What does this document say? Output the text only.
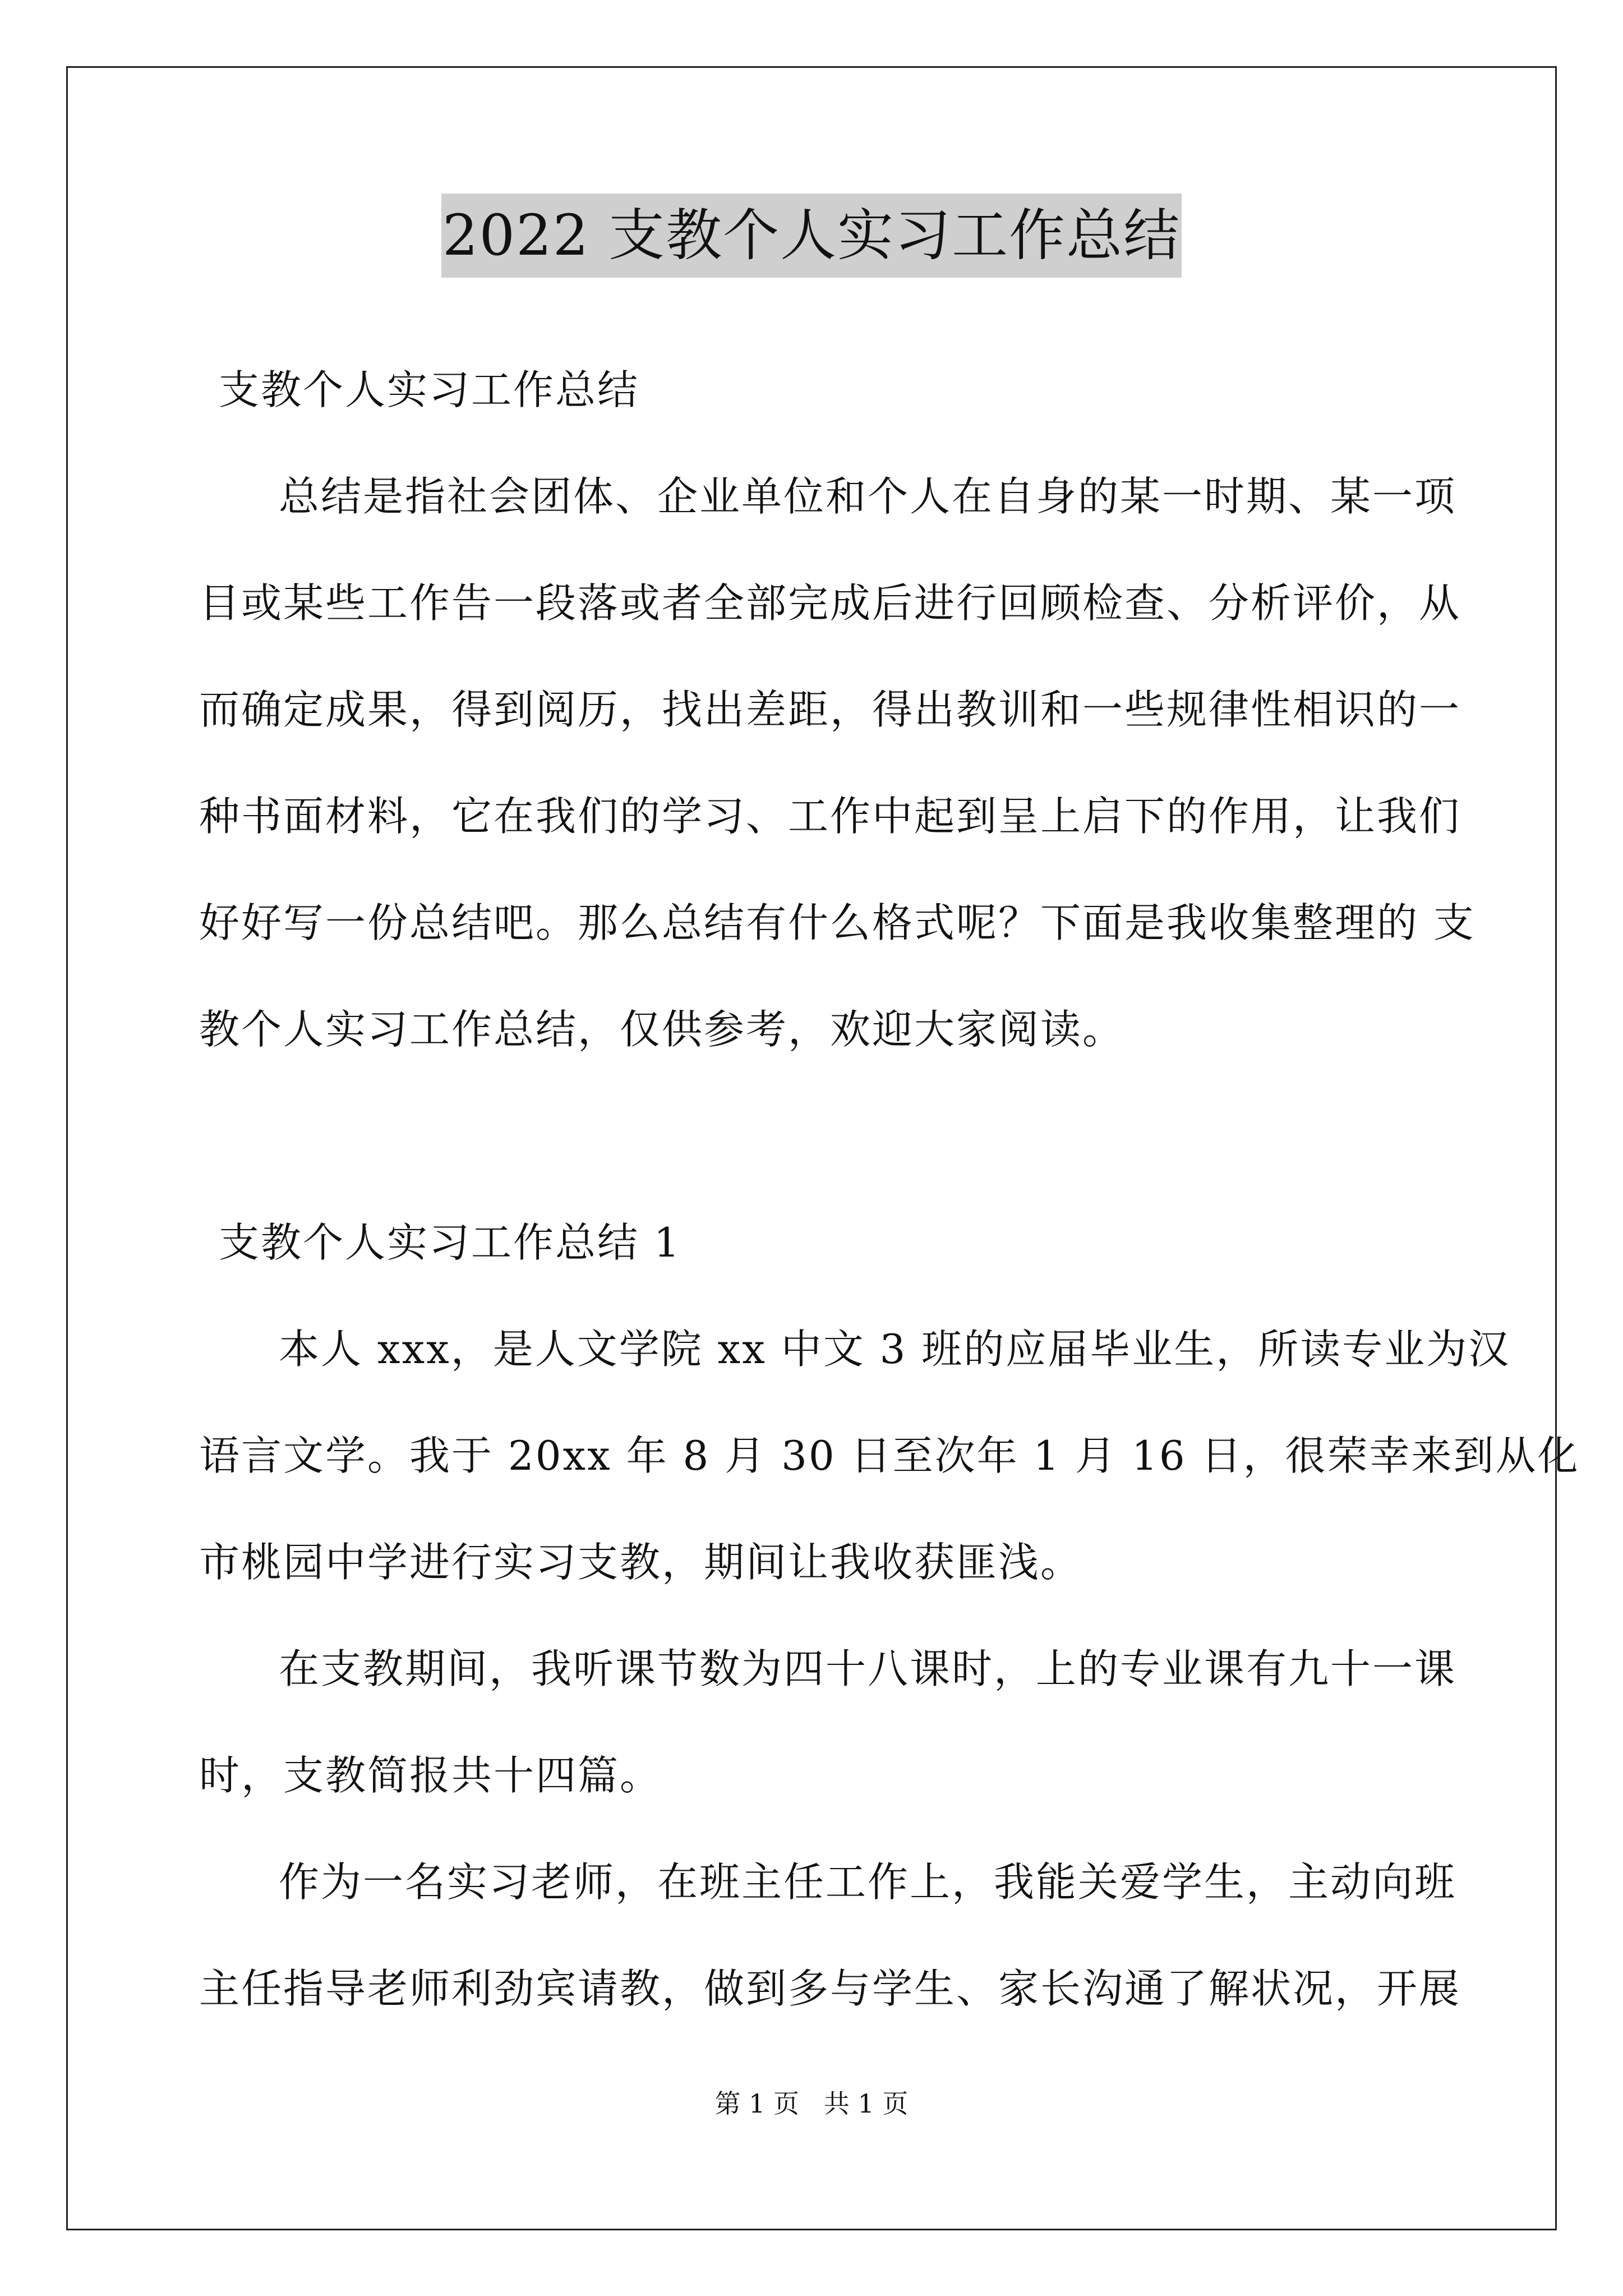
2022 支教个人实习工作总结
支教个人实习工作总结
总结是指社会团体、企业单位和个人在自身的某一时期、某一项
目或某些工作告一段落或者全部完成后进行回顾检查、分析评价，从
而确定成果，得到阅历，找出差距，得出教训和一些规律性相识的一
种书面材料，它在我们的学习、工作中起到呈上启下的作用，让我们
好好写一份总结吧。那么总结有什么格式呢？下面是我收集整理的 支
教个人实习工作总结，仅供参考，欢迎大家阅读。
支教个人实习工作总结 1
本人 xxx，是人文学院 xx 中文 3 班的应届毕业生，所读专业为汉
语言文学。我于 20xx 年 8 月 30 日至次年 1 月 16 日，很荣幸来到从化
市桃园中学进行实习支教，期间让我收获匪浅。
在支教期间，我听课节数为四十八课时，上的专业课有九十一课
时，支教简报共十四篇。
作为一名实习老师，在班主任工作上，我能关爱学生，主动向班
主任指导老师利劲宾请教，做到多与学生、家长沟通了解状况，开展
第 1 页   共 1 页
